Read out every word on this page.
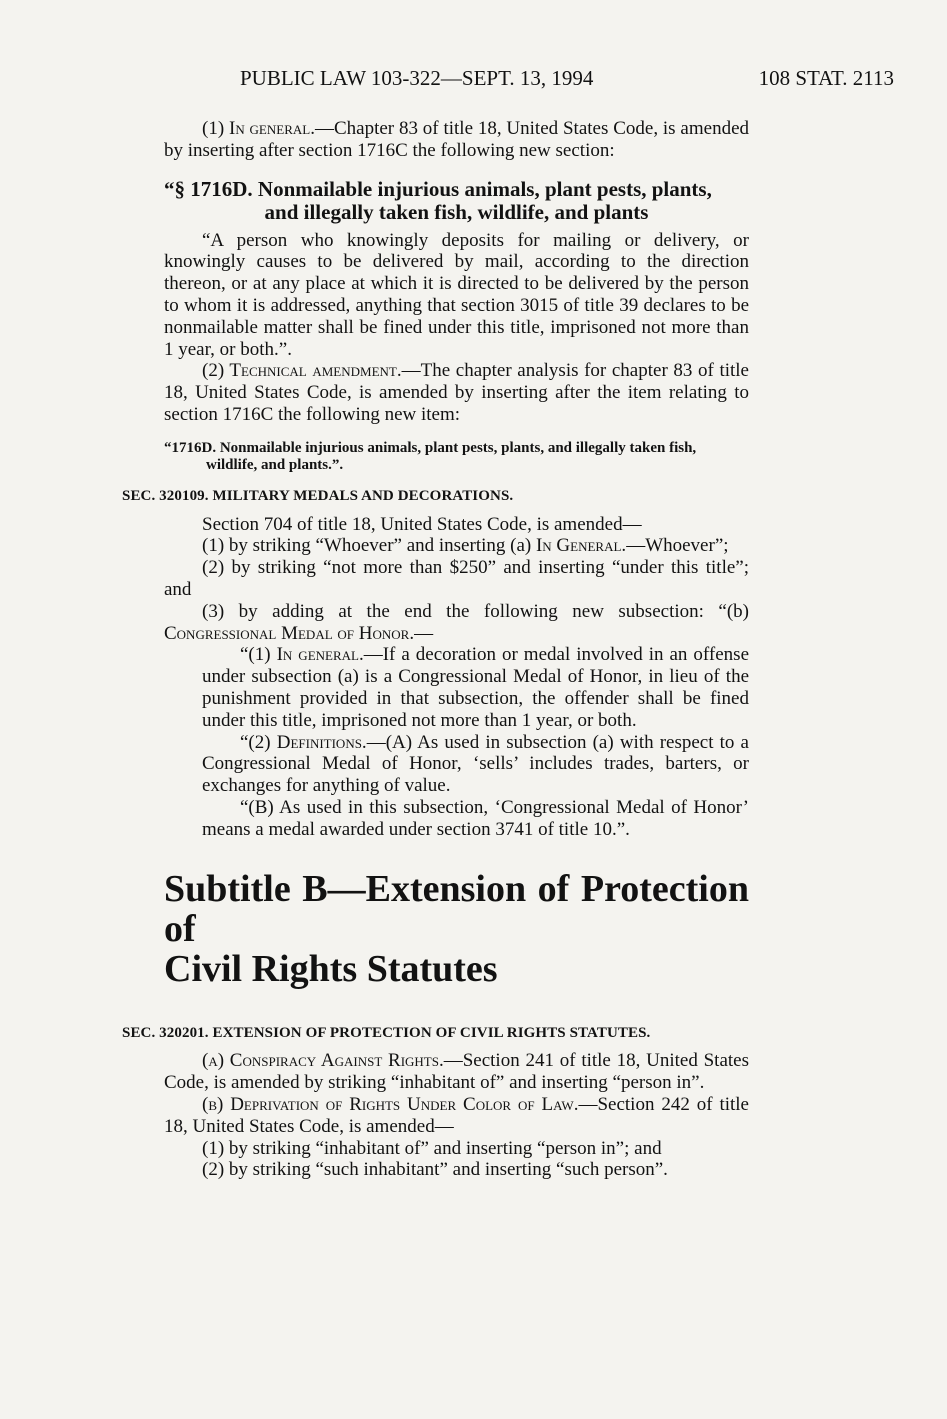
PUBLIC LAW 103-322—SEPT. 13, 1994	108 STAT. 2113

(1) In general.—Chapter 83 of title 18, United States Code, is amended by inserting after section 1716C the following new section:

“§ 1716D. Nonmailable injurious animals, plant pests, plants,
and illegally taken fish, wildlife, and plants

“A person who knowingly deposits for mailing or delivery, or knowingly causes to be delivered by mail, according to the direction thereon, or at any place at which it is directed to be delivered by the person to whom it is addressed, anything that section 3015 of title 39 declares to be nonmailable matter shall be fined under this title, imprisoned not more than 1 year, or both.”.

(2) Technical amendment.—The chapter analysis for chapter 83 of title 18, United States Code, is amended by inserting after the item relating to section 1716C the following new item:

“1716D. Nonmailable injurious animals, plant pests, plants, and illegally taken fish,
wildlife, and plants.”.

SEC. 320109. MILITARY MEDALS AND DECORATIONS.

Section 704 of title 18, United States Code, is amended—

(1) by striking “Whoever” and inserting (a) In General.—Whoever”;

(2) by striking “not more than $250” and inserting “under this title”; and

(3) by adding at the end the following new subsection: “(b) Congressional Medal of Honor.—

“(1) In general.—If a decoration or medal involved in an offense under subsection (a) is a Congressional Medal of Honor, in lieu of the punishment provided in that subsection, the offender shall be fined under this title, imprisoned not more than 1 year, or both.

“(2) Definitions.—(A) As used in subsection (a) with respect to a Congressional Medal of Honor, ‘sells’ includes trades, barters, or exchanges for anything of value.

“(B) As used in this subsection, ‘Congressional Medal of Honor’ means a medal awarded under section 3741 of title 10.”.

Subtitle B—Extension of Protection of
Civil Rights Statutes

SEC. 320201. EXTENSION OF PROTECTION OF CIVIL RIGHTS STATUTES.

(a) Conspiracy Against Rights.—Section 241 of title 18, United States Code, is amended by striking “inhabitant of” and inserting “person in”.

(b) Deprivation of Rights Under Color of Law.—Section 242 of title 18, United States Code, is amended—

(1) by striking “inhabitant of” and inserting “person in”; and

(2) by striking “such inhabitant” and inserting “such person”.
